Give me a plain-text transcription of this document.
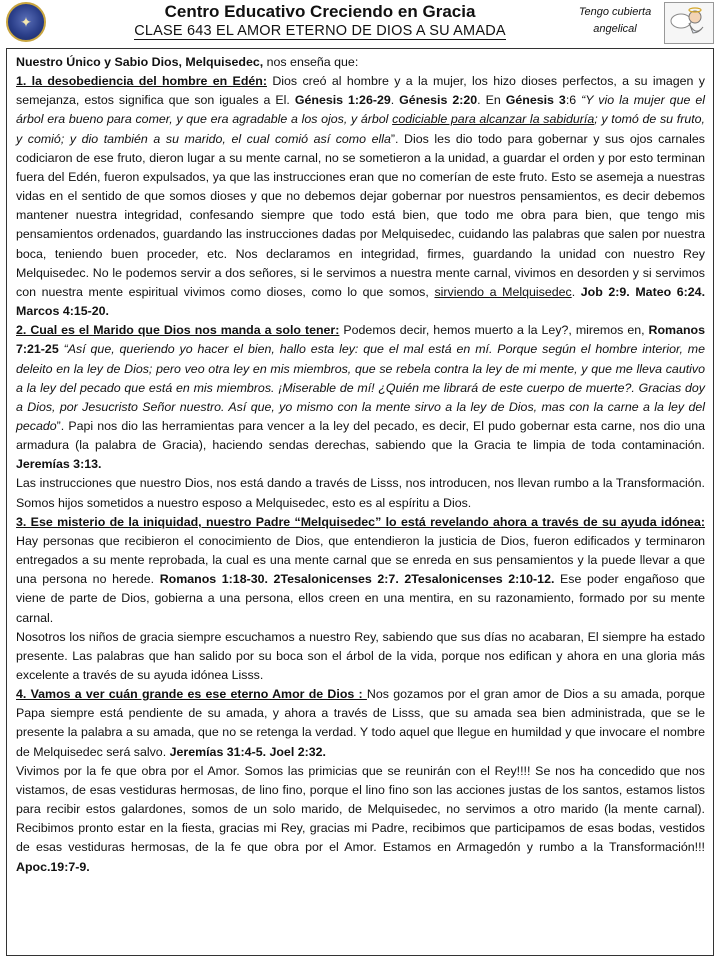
✦
Centro Educativo Creciendo en Gracia
CLASE 643 EL AMOR ETERNO DE DIOS A SU AMADA
Tengo cubierta angelical

Nuestro Único y Sabio Dios, Melquisedec, nos enseña que:

1. la desobediencia del hombre en Edén: Dios creó al hombre y a la mujer, los hizo dioses perfectos, a su imagen y semejanza, estos significa que son iguales a El. Génesis 1:26-29. Génesis 2:20. En Génesis 3:6 “Y vio la mujer que el árbol era bueno para comer, y que era agradable a los ojos, y árbol codiciable para alcanzar la sabiduría; y tomó de su fruto, y comió; y dio también a su marido, el cual comió así como ella”. Dios les dio todo para gobernar y sus ojos carnales codiciaron de ese fruto, dieron lugar a su mente carnal, no se sometieron a la unidad, a guardar el orden y por esto terminan fuera del Edén, fueron expulsados, ya que las instrucciones eran que no comerían de este fruto. Esto se asemeja a nuestras vidas en el sentido de que somos dioses y que no debemos dejar gobernar por nuestros pensamientos, es decir debemos mantener nuestra integridad, confesando siempre que todo está bien, que todo me obra para bien, que tengo mis pensamientos ordenados, guardando las instrucciones dadas por Melquisedec, cuidando las palabras que salen por nuestra boca, teniendo buen proceder, etc. Nos declaramos en integridad, firmes, guardando la unidad con nuestro Rey Melquisedec. No le podemos servir a dos señores, si le servimos a nuestra mente carnal, vivimos en desorden y si servimos con nuestra mente espiritual vivimos como dioses, como lo que somos, sirviendo a Melquisedec. Job 2:9. Mateo 6:24. Marcos 4:15-20.

2. Cual es el Marido que Dios nos manda a solo tener: Podemos decir, hemos muerto a la Ley?, miremos en, Romanos 7:21-25 “Así que, queriendo yo hacer el bien, hallo esta ley: que el mal está en mí. Porque según el hombre interior, me deleito en la ley de Dios; pero veo otra ley en mis miembros, que se rebela contra la ley de mi mente, y que me lleva cautivo a la ley del pecado que está en mis miembros. ¡Miserable de mí! ¿Quién me librará de este cuerpo de muerte?. Gracias doy a Dios, por Jesucristo Señor nuestro. Así que, yo mismo con la mente sirvo a la ley de Dios, mas con la carne a la ley del pecado”. Papi nos dio las herramientas para vencer a la ley del pecado, es decir, El pudo gobernar esta carne, nos dio una armadura (la palabra de Gracia), haciendo sendas derechas, sabiendo que la Gracia te limpia de toda contaminación. Jeremías 3:13.

Las instrucciones que nuestro Dios, nos está dando a través de Lisss, nos introducen, nos llevan rumbo a la Transformación. Somos hijos sometidos a nuestro esposo a Melquisedec, esto es al espíritu a Dios.

3. Ese misterio de la iniquidad, nuestro Padre “Melquisedec” lo está revelando ahora a través de su ayuda idónea: Hay personas que recibieron el conocimiento de Dios, que entendieron la justicia de Dios, fueron edificados y terminaron entregados a su mente reprobada, la cual es una mente carnal que se enreda en sus pensamientos y la puede llevar a que una persona no herede. Romanos 1:18-30. 2Tesalonicenses 2:7. 2Tesalonicenses 2:10-12. Ese poder engañoso que viene de parte de Dios, gobierna a una persona, ellos creen en una mentira, en su razonamiento, formado por su mente carnal.

Nosotros los niños de gracia siempre escuchamos a nuestro Rey, sabiendo que sus días no acabaran, El siempre ha estado presente. Las palabras que han salido por su boca son el árbol de la vida, porque nos edifican y ahora en una gloria más excelente a través de su ayuda idónea Lisss.

4. Vamos a ver cuán grande es ese eterno Amor de Dios : Nos gozamos por el gran amor de Dios a su amada, porque Papa siempre está pendiente de su amada, y ahora a través de Lisss, que su amada sea bien administrada, que se le presente la palabra a su amada, que no se retenga la verdad. Y todo aquel que llegue en humildad y que invocare el nombre de Melquisedec será salvo. Jeremías 31:4-5. Joel 2:32.

Vivimos por la fe que obra por el Amor. Somos las primicias que se reunirán con el Rey!!!! Se nos ha concedido que nos vistamos, de esas vestiduras hermosas, de lino fino, porque el lino fino son las acciones justas de los santos, estamos listos para recibir estos galardones, somos de un solo marido, de Melquisedec, no servimos a otro marido (la mente carnal). Recibimos pronto estar en la fiesta, gracias mi Rey, gracias mi Padre, recibimos que participamos de esas bodas, vestidos de esas vestiduras hermosas, de la fe que obra por el Amor. Estamos en Armagedón y rumbo a la Transformación!!! Apoc.19:7-9.
